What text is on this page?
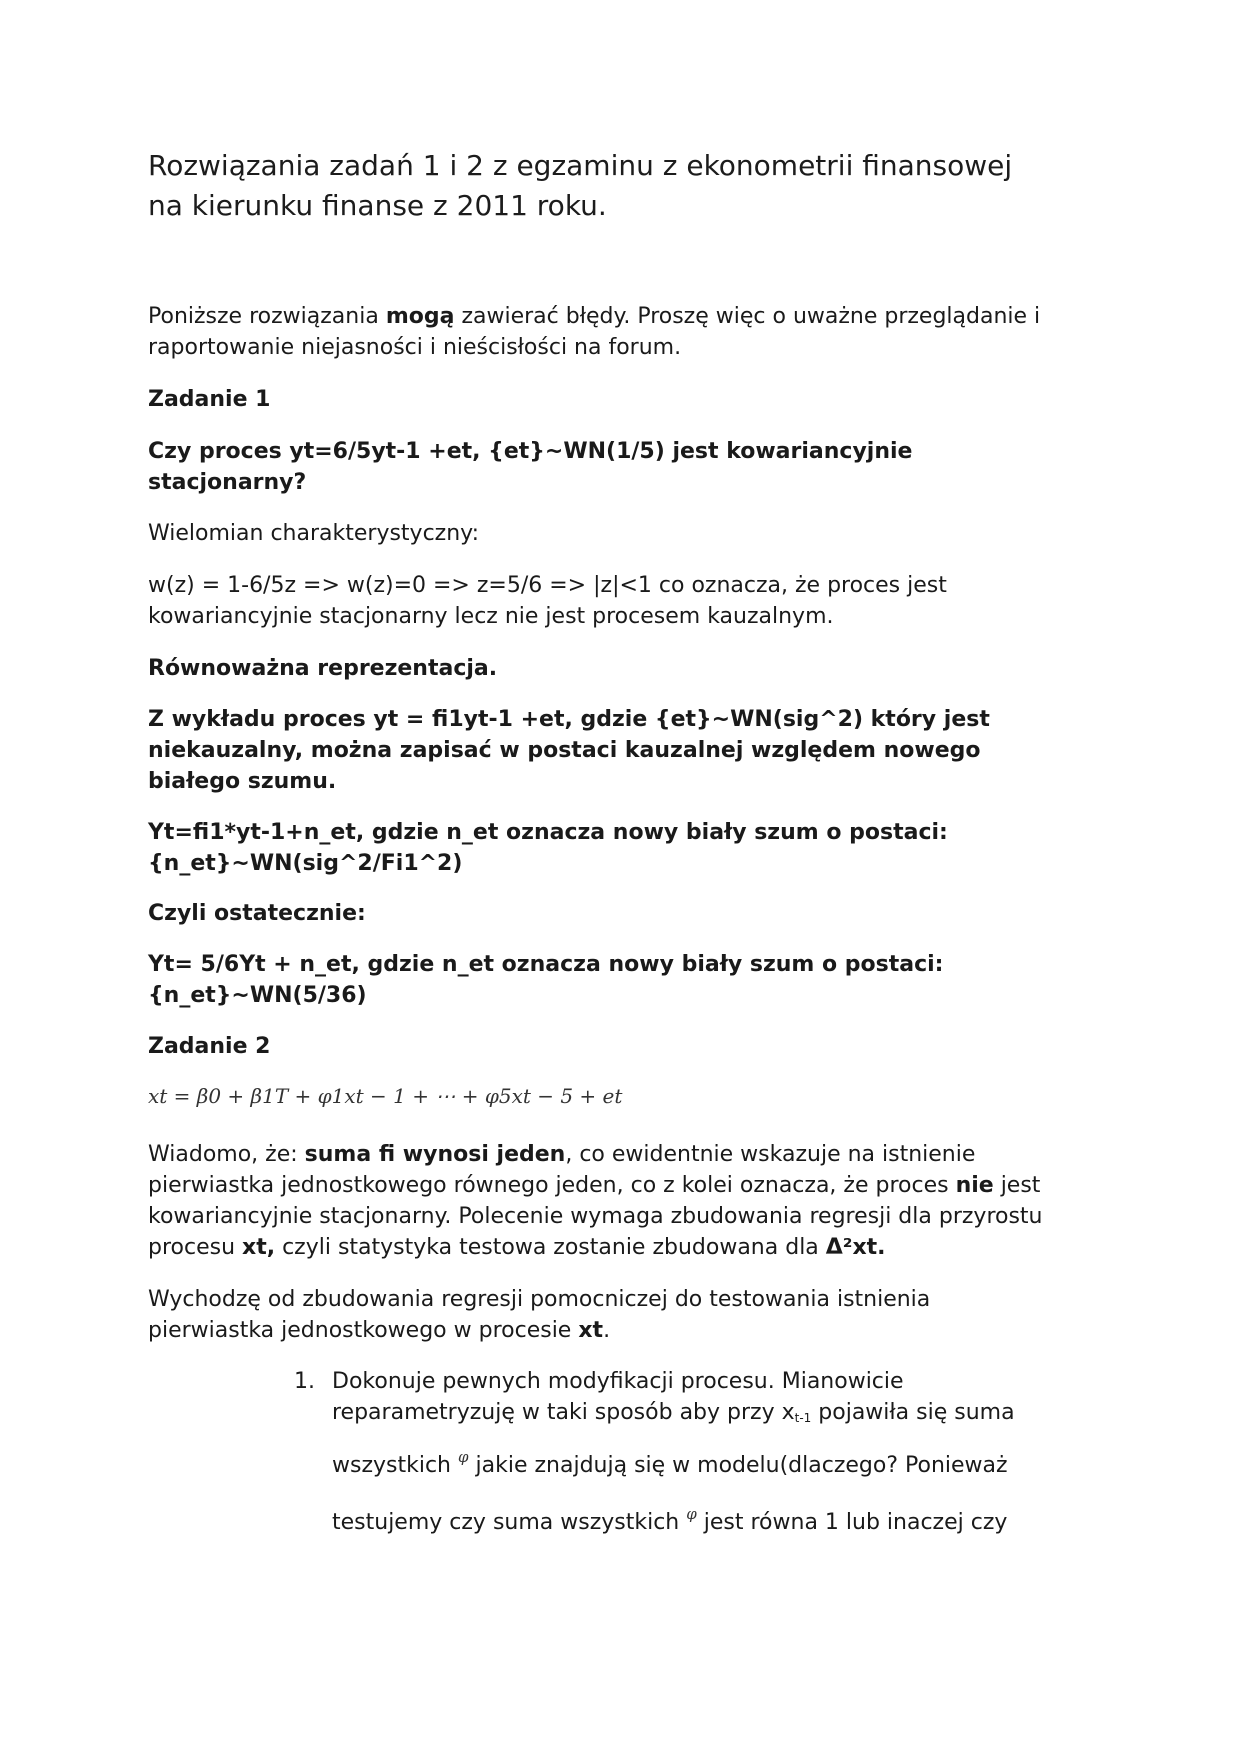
Rozwiązania zadań 1 i 2 z egzaminu z ekonometrii finansowej
na kierunku finanse z 2011 roku.

Poniższe rozwiązania mogą zawierać błędy. Proszę więc o uważne przeglądanie i
raportowanie niejasności i nieścisłości na forum.

Zadanie 1

Czy proces yt=6/5yt-1 +et, {et}~WN(1/5) jest kowariancyjnie
stacjonarny?

Wielomian charakterystyczny:

w(z) = 1-6/5z => w(z)=0 => z=5/6 => |z|<1 co oznacza, że proces jest
kowariancyjnie stacjonarny lecz nie jest procesem kauzalnym.

Równoważna reprezentacja.

Z wykładu proces yt = fi1yt-1 +et, gdzie {et}~WN(sig^2) który jest
niekauzalny, można zapisać w postaci kauzalnej względem nowego
białego szumu.

Yt=fi1*yt-1+n_et, gdzie n_et oznacza nowy biały szum o postaci:
{n_et}~WN(sig^2/Fi1^2)

Czyli ostatecznie:

Yt= 5/6Yt + n_et, gdzie n_et oznacza nowy biały szum o postaci:
{n_et}~WN(5/36)

Zadanie 2

xt = β0 + β1T + φ1xt − 1 + ⋯ + φ5xt − 5 + et

Wiadomo, że: suma fi wynosi jeden, co ewidentnie wskazuje na istnienie
pierwiastka jednostkowego równego jeden, co z kolei oznacza, że proces nie jest
kowariancyjnie stacjonarny. Polecenie wymaga zbudowania regresji dla przyrostu
procesu xt, czyli statystyka testowa zostanie zbudowana dla Δ²xt.

Wychodzę od zbudowania regresji pomocniczej do testowania istnienia
pierwiastka jednostkowego w procesie xt.

1. Dokonuje pewnych modyfikacji procesu. Mianowicie
reparametryzuję w taki sposób aby przy $x_{t-1}$ pojawiła się suma
wszystkich $^\varphi$ jakie znajdują się w modelu(dlaczego? Ponieważ
testujemy czy suma wszystkich $^\varphi$ jest równa 1 lub inaczej czy
